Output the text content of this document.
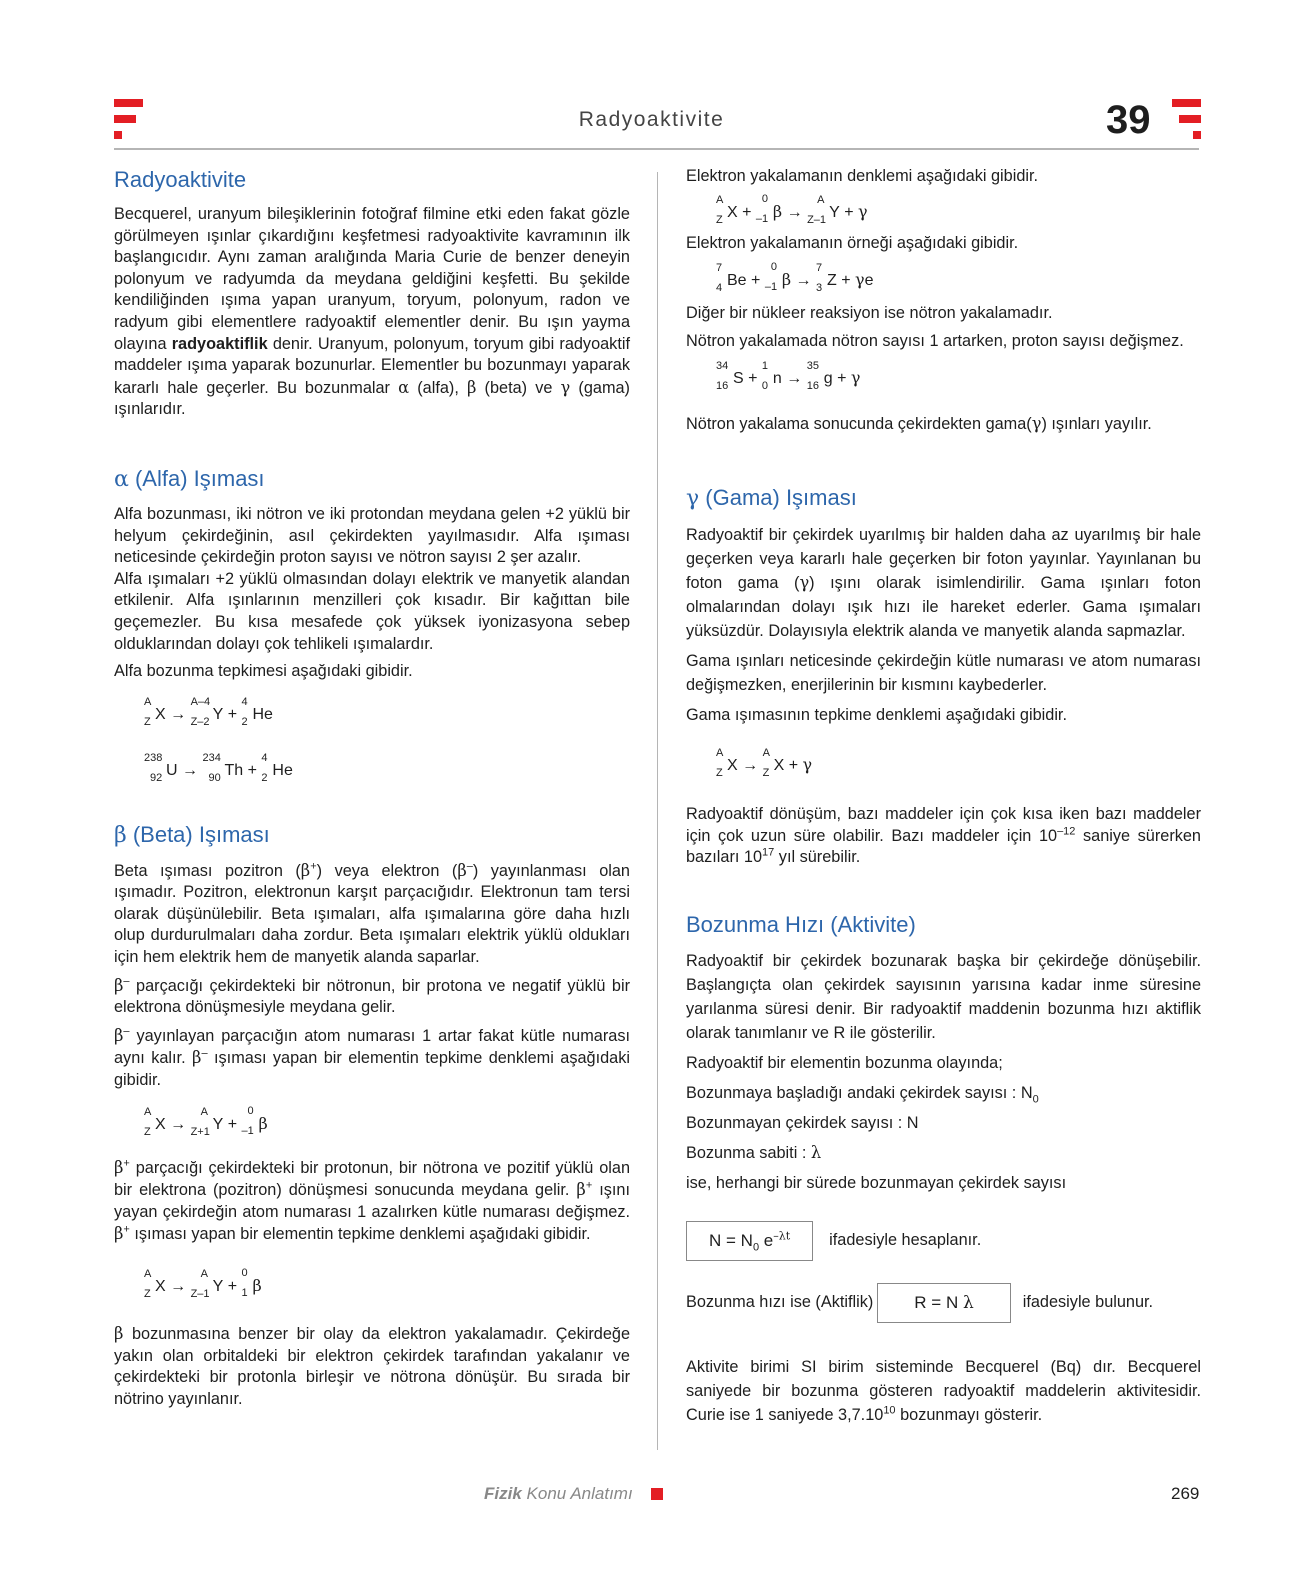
Radyoaktivite	39
Radyoaktivite

Becquerel, uranyum bileşiklerinin fotoğraf filmine etki eden fakat gözle görülmeyen ışınlar çıkardığını keşfetmesi radyoaktivite kavramının ilk başlangıcıdır. Aynı zaman aralığında Maria Curie de benzer deneyin polonyum ve radyumda da meydana geldiğini keşfetti. Bu şekilde kendiliğinden ışıma yapan uranyum, toryum, polonyum, radon ve radyum gibi elementlere radyoaktif elementler denir. Bu ışın yayma olayına radyoaktiflik denir. Uranyum, polonyum, toryum gibi radyoaktif maddeler ışıma yaparak bozunurlar. Elementler bu bozunmayı yaparak kararlı hale geçerler. Bu bozunmalar α (alfa), β (beta) ve γ (gama) ışınlarıdır.

α (Alfa) Işıması

Alfa bozunması, iki nötron ve iki protondan meydana gelen +2 yüklü bir helyum çekirdeğinin, asıl çekirdekten yayılmasıdır. Alfa ışıması neticesinde çekirdeğin proton sayısı ve nötron sayısı 2 şer azalır.

Alfa ışımaları +2 yüklü olmasından dolayı elektrik ve manyetik alandan etkilenir. Alfa ışınlarının menzilleri çok kısadır. Bir kağıttan bile geçemezler. Bu kısa mesafede çok yüksek iyonizasyona sebep olduklarından dolayı çok tehlikeli ışımalardır.

Alfa bozunma tepkimesi aşağıdaki gibidir.

A
Z X →
A–4
Z–2 Y +
4
2 He
238
92 U →
234
90 Th +
4
2 He
β (Beta) Işıması

Beta ışıması pozitron (β+) veya elektron (β–) yayınlanması olan ışımadır. Pozitron, elektronun karşıt parçacığıdır. Elektronun tam tersi olarak düşünülebilir. Beta ışımaları, alfa ışımalarına göre daha hızlı olup durdurulmaları daha zordur. Beta ışımaları elektrik yüklü oldukları için hem elektrik hem de manyetik alanda saparlar.

β– parçacığı çekirdekteki bir nötronun, bir protona ve negatif yüklü bir elektrona dönüşmesiyle meydana gelir.

β– yayınlayan parçacığın atom numarası 1 artar fakat kütle numarası aynı kalır. β– ışıması yapan bir elementin tepkime denklemi aşağıdaki gibidir.

A
Z X →
A
Z+1 Y +
0
–1 β

β+ parçacığı çekirdekteki bir protonun, bir nötrona ve pozitif yüklü olan bir elektrona (pozitron) dönüşmesi sonucunda meydana gelir. β+ ışını yayan çekirdeğin atom numarası 1 azalırken kütle numarası değişmez. β+ ışıması yapan bir elementin tepkime denklemi aşağıdaki gibidir.

A
Z X →
A
Z–1 Y +
0
1 β

β bozunmasına benzer bir olay da elektron yakalamadır. Çekirdeğe yakın olan orbitaldeki bir elektron çekirdek tarafından yakalanır ve çekirdekteki bir protonla birleşir ve nötrona dönüşür. Bu sırada bir nötrino yayınlanır.

Elektron yakalamanın denklemi aşağıdaki gibidir.

A
Z X +
0
–1 β →
A
Z–1 Y + γ

Elektron yakalamanın örneği aşağıdaki gibidir.

7
4 Be +
0
–1 β →
7
3 Z + γe

Diğer bir nükleer reaksiyon ise nötron yakalamadır.

Nötron yakalamada nötron sayısı 1 artarken, proton sayısı değişmez.

34
16 S +
1
0 n →
35
16 g + γ

Nötron yakalama sonucunda çekirdekten gama(γ) ışınları yayılır.

γ (Gama) Işıması

Radyoaktif bir çekirdek uyarılmış bir halden daha az uyarılmış bir hale geçerken veya kararlı hale geçerken bir foton yayınlar. Yayınlanan bu foton gama (γ) ışını olarak isimlendirilir. Gama ışınları foton olmalarından dolayı ışık hızı ile hareket ederler. Gama ışımaları yüksüzdür. Dolayısıyla elektrik alanda ve manyetik alanda sapmazlar.

Gama ışınları neticesinde çekirdeğin kütle numarası ve atom numarası değişmezken, enerjilerinin bir kısmını kaybederler.

Gama ışımasının tepkime denklemi aşağıdaki gibidir.

A
Z X →
A
Z X + γ

Radyoaktif dönüşüm, bazı maddeler için çok kısa iken bazı maddeler için çok uzun süre olabilir. Bazı maddeler için $10^{-12}$ saniye sürerken bazıları $10^{17}$ yıl sürebilir.

Bozunma Hızı (Aktivite)

Radyoaktif bir çekirdek bozunarak başka bir çekirdeğe dönüşebilir. Başlangıçta olan çekirdek sayısının yarısına kadar inme süresine yarılanma süresi denir. Bir radyoaktif maddenin bozunma hızı aktiflik olarak tanımlanır ve R ile gösterilir.

Radyoaktif bir elementin bozunma olayında;

Bozunmaya başladığı andaki çekirdek sayısı : $N_0$

Bozunmayan çekirdek sayısı : N

Bozunma sabiti : λ

ise, herhangi bir sürede bozunmayan çekirdek sayısı

$N = N_0$ $e^{-\lambda t}$	ifadesiyle hesaplanır.
Bozunma hızı ise (Aktiflik)	R = N λ	ifadesiyle bulunur.

Aktivite birimi SI birim sisteminde Becquerel (Bq) dır. Becquerel saniyede bir bozunma gösteren radyoaktif maddelerin aktivitesidir. Curie ise 1 saniyede 3,7.10$^{10}$ bozunmayı gösterir.

Fizik Konu Anlatımı	269
